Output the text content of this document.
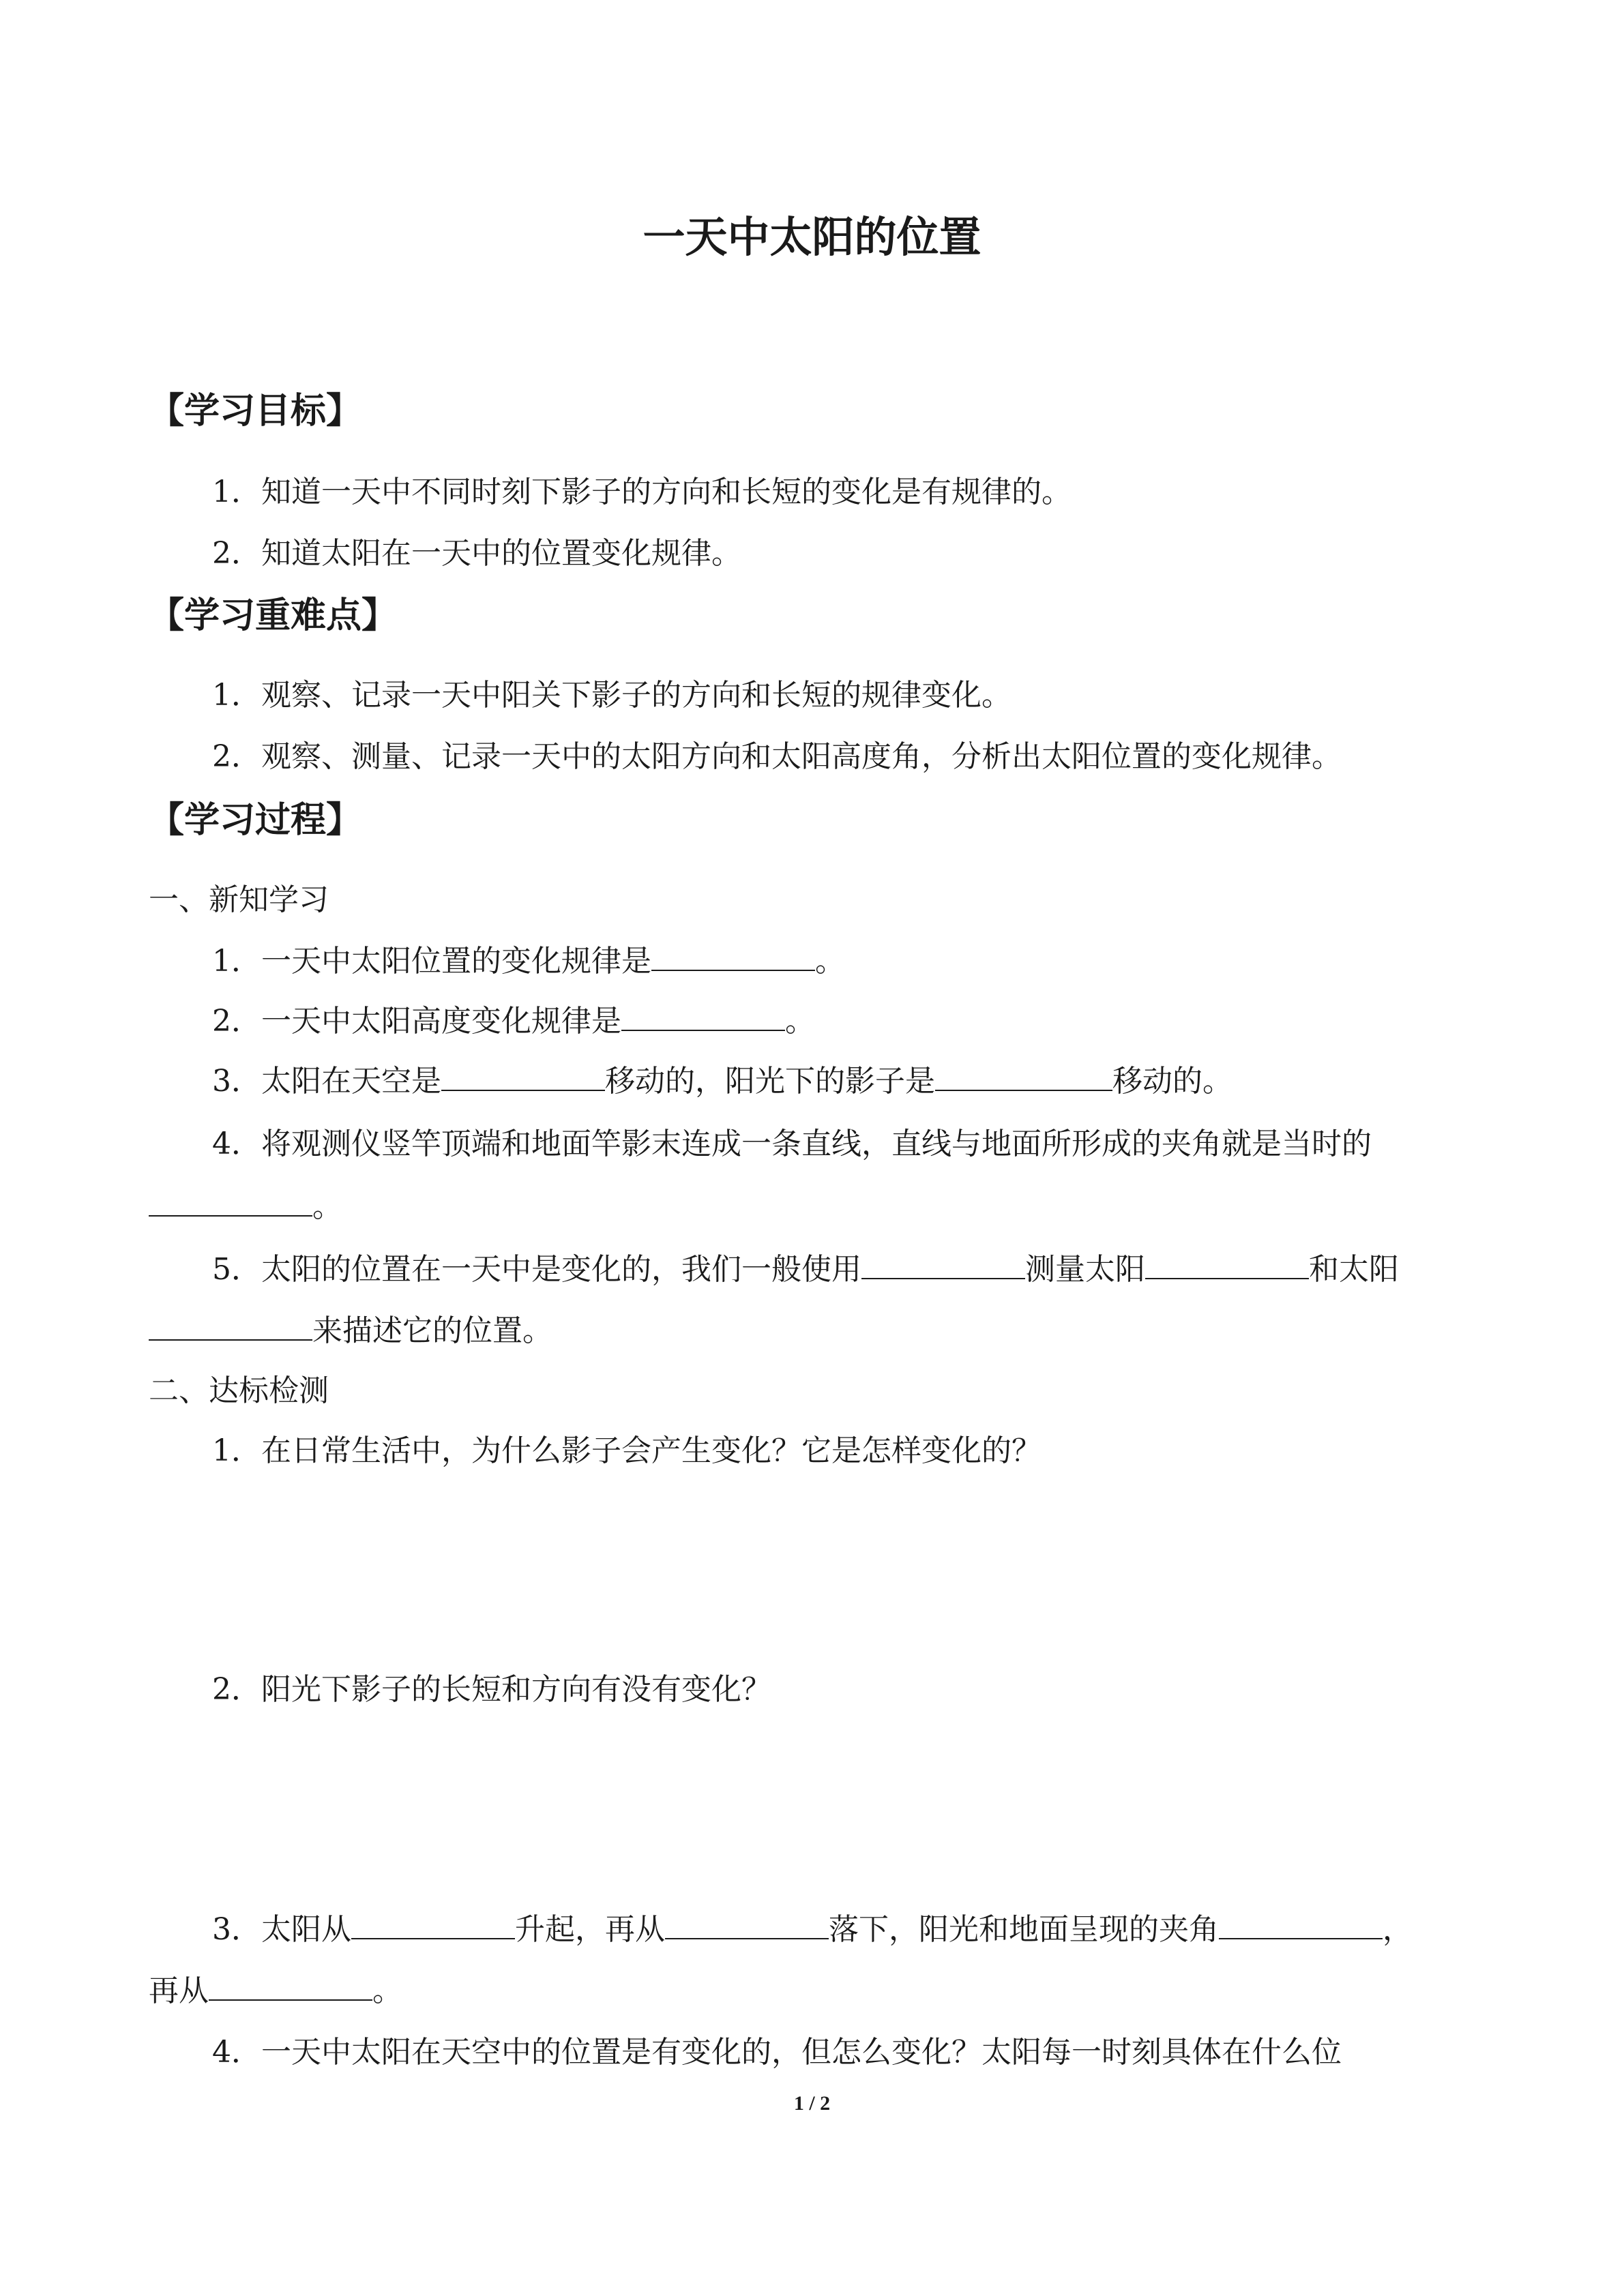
一天中太阳的位置
【学习目标】
1．知道一天中不同时刻下影子的方向和长短的变化是有规律的。
2．知道太阳在一天中的位置变化规律。
【学习重难点】
1．观察、记录一天中阳关下影子的方向和长短的规律变化。
2．观察、测量、记录一天中的太阳方向和太阳高度角，分析出太阳位置的变化规律。
【学习过程】
一、新知学习
1．一天中太阳位置的变化规律是	。
2．一天中太阳高度变化规律是	。
3．太阳在天空是	移动的，阳光下的影子是	移动的。
4．将观测仪竖竿顶端和地面竿影末连成一条直线，直线与地面所形成的夹角就是当时的
。
5．太阳的位置在一天中是变化的，我们一般使用	测量太阳	和太阳
来描述它的位置。
二、达标检测
1．在日常生活中，为什么影子会产生变化？它是怎样变化的？
2．阳光下影子的长短和方向有没有变化？
3．太阳从	升起，再从	落下，阳光和地面呈现的夹角	，
再从	。
4．一天中太阳在天空中的位置是有变化的，但怎么变化？太阳每一时刻具体在什么位
1 / 2
